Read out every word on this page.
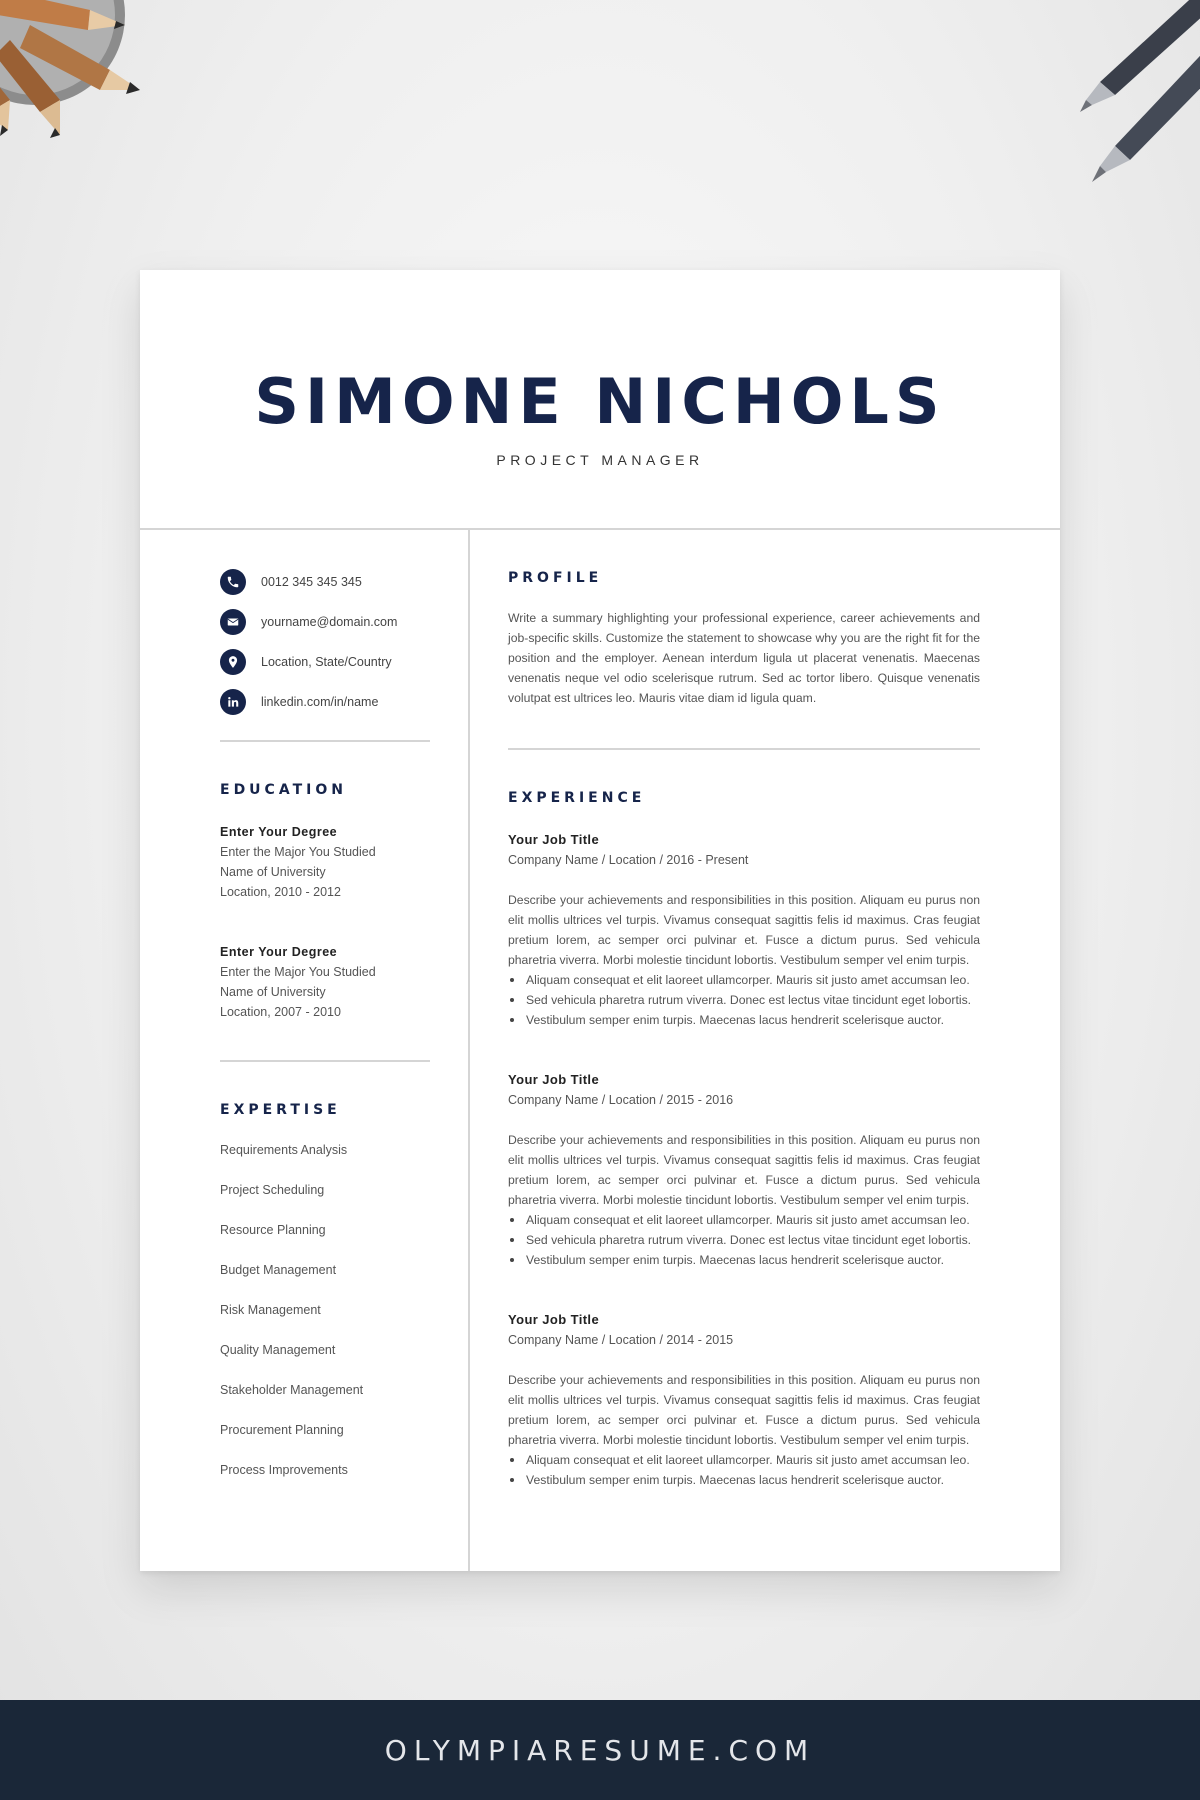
SIMONE NICHOLS
PROJECT MANAGER
0012 345 345 345
yourname@domain.com
Location, State/Country
linkedin.com/in/name
EDUCATION
Enter Your Degree
Enter the Major You Studied
Name of University
Location, 2010 - 2012
Enter Your Degree
Enter the Major You Studied
Name of University
Location, 2007 - 2010
EXPERTISE
Requirements Analysis
Project Scheduling
Resource Planning
Budget Management
Risk Management
Quality Management
Stakeholder Management
Procurement Planning
Process Improvements
PROFILE
Write a summary highlighting your professional experience, career achievements and job-specific skills. Customize the statement to showcase why you are the right fit for the position and the employer. Aenean interdum ligula ut placerat venenatis. Maecenas venenatis neque vel odio scelerisque rutrum. Sed ac tortor libero. Quisque venenatis volutpat est ultrices leo. Mauris vitae diam id ligula quam.
EXPERIENCE
Your Job Title
Company Name / Location / 2016 - Present
Describe your achievements and responsibilities in this position. Aliquam eu purus non elit mollis ultrices vel turpis. Vivamus consequat sagittis felis id maximus. Cras feugiat pretium lorem, ac semper orci pulvinar et. Fusce a dictum purus. Sed vehicula pharetria viverra. Morbi molestie tincidunt lobortis. Vestibulum semper vel enim turpis.
Aliquam consequat et elit laoreet ullamcorper. Mauris sit justo amet accumsan leo.
Sed vehicula pharetra rutrum viverra. Donec est lectus vitae tincidunt eget lobortis.
Vestibulum semper enim turpis. Maecenas lacus hendrerit scelerisque auctor.
Your Job Title
Company Name / Location / 2015 - 2016
Describe your achievements and responsibilities in this position. Aliquam eu purus non elit mollis ultrices vel turpis. Vivamus consequat sagittis felis id maximus. Cras feugiat pretium lorem, ac semper orci pulvinar et. Fusce a dictum purus. Sed vehicula pharetria viverra. Morbi molestie tincidunt lobortis. Vestibulum semper vel enim turpis.
Aliquam consequat et elit laoreet ullamcorper. Mauris sit justo amet accumsan leo.
Sed vehicula pharetra rutrum viverra. Donec est lectus vitae tincidunt eget lobortis.
Vestibulum semper enim turpis. Maecenas lacus hendrerit scelerisque auctor.
Your Job Title
Company Name / Location / 2014 - 2015
Describe your achievements and responsibilities in this position. Aliquam eu purus non elit mollis ultrices vel turpis. Vivamus consequat sagittis felis id maximus. Cras feugiat pretium lorem, ac semper orci pulvinar et. Fusce a dictum purus. Sed vehicula pharetria viverra. Morbi molestie tincidunt lobortis. Vestibulum semper vel enim turpis.
Aliquam consequat et elit laoreet ullamcorper. Mauris sit justo amet accumsan leo.
Vestibulum semper enim turpis. Maecenas lacus hendrerit scelerisque auctor.
OLYMPIARESUME.COM
